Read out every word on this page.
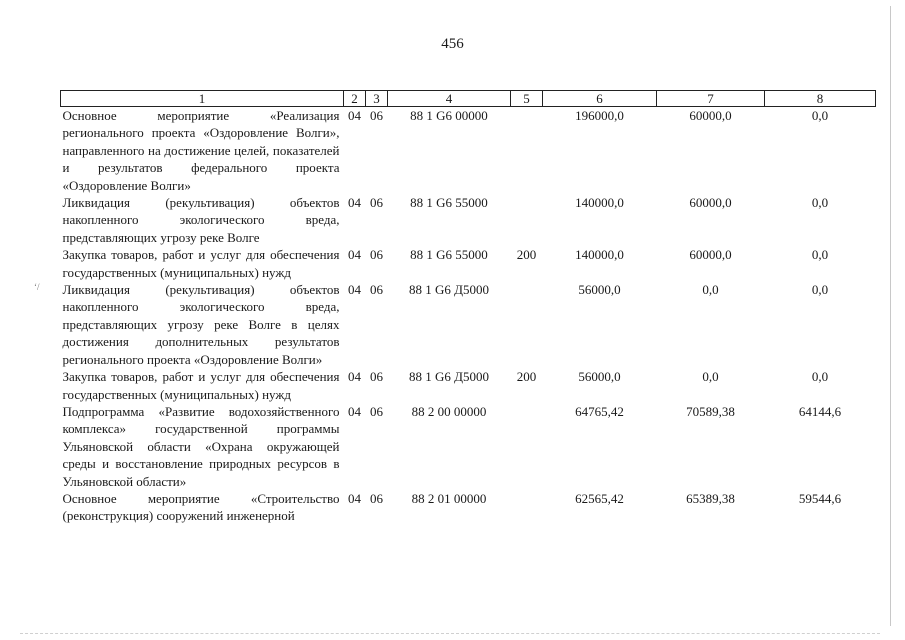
ʻ/
456
1	2	3	4	5	6	7	8
Основное мероприятие «Реализация регионального проекта «Оздоровление Волги», направленного на достижение целей, показателей и результатов федерального проекта «Оздоровление Волги»	04	06	88 1 G6 00000		196000,0	60000,0	0,0
Ликвидация (рекультивация) объектов накопленного экологического вреда, представляющих угрозу реке Волге	04	06	88 1 G6 55000		140000,0	60000,0	0,0
Закупка товаров, работ и услуг для обеспечения государственных (муниципальных) нужд	04	06	88 1 G6 55000	200	140000,0	60000,0	0,0
Ликвидация (рекультивация) объектов накопленного экологического вреда, представляющих угрозу реке Волге в целях достижения дополнительных результатов регионального проекта «Оздоровление Волги»	04	06	88 1 G6 Д5000		56000,0	0,0	0,0
Закупка товаров, работ и услуг для обеспечения государственных (муниципальных) нужд	04	06	88 1 G6 Д5000	200	56000,0	0,0	0,0
Подпрограмма «Развитие водохозяйственного комплекса» государственной программы Ульяновской области «Охрана окружающей среды и восстановление природных ресурсов в Ульяновской области»	04	06	88 2 00 00000		64765,42	70589,38	64144,6
Основное мероприятие «Строительство (реконструкция) сооружений инженерной	04	06	88 2 01 00000		62565,42	65389,38	59544,6
